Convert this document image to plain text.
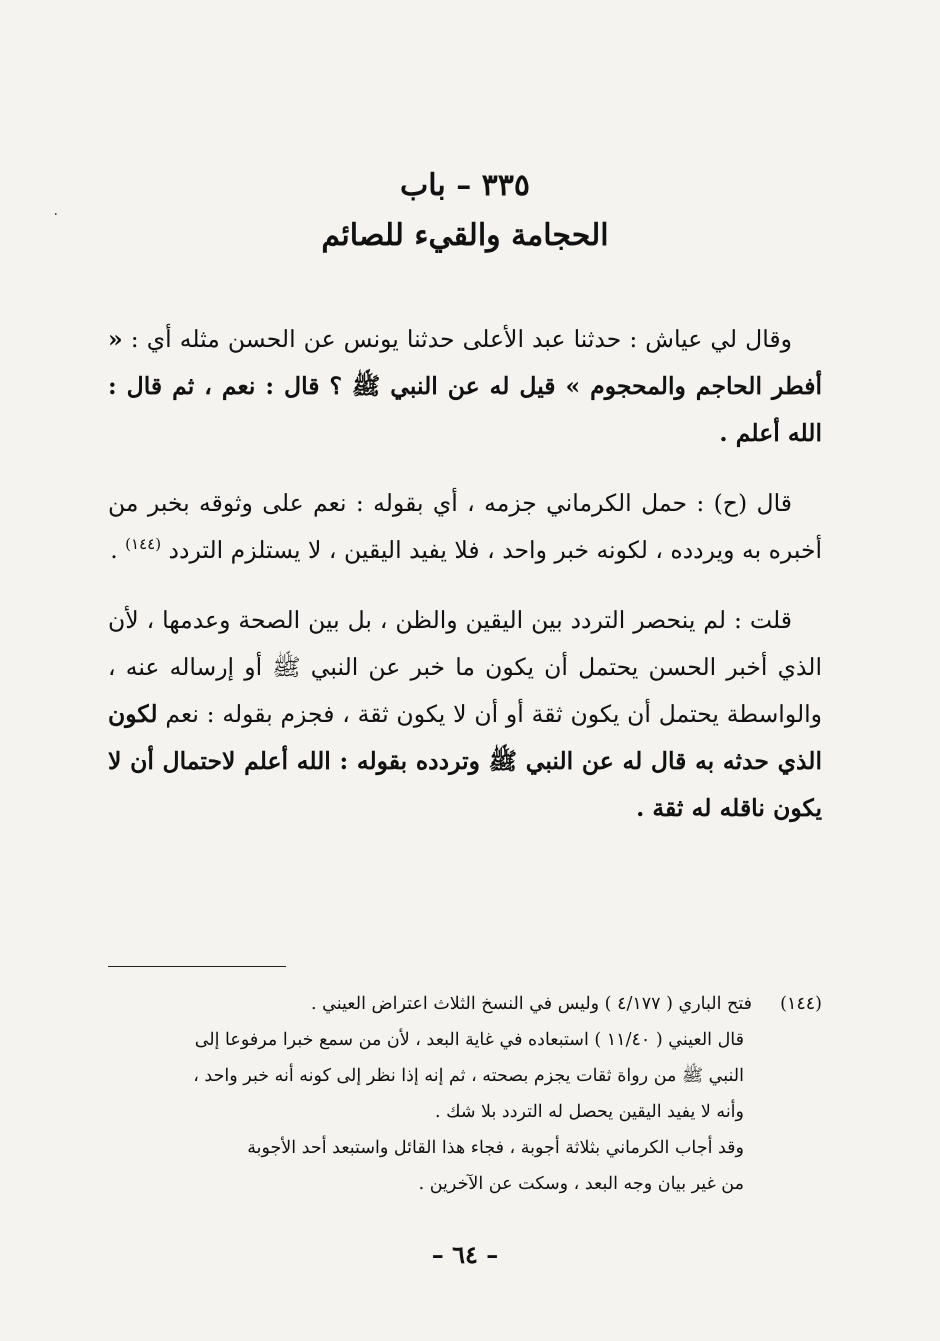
٠
٣٣٥ – باب
الحجامة والقيء للصائم

وقال لي عياش : حدثنا عبد الأعلى حدثنا يونس عن الحسن مثله أي : « أفطر الحاجم والمحجوم » قيل له عن النبي ﷺ ؟ قال : نعم ، ثم قال : الله أعلم .

قال (ح) : حمل الكرماني جزمه ، أي بقوله : نعم على وثوقه بخبر من أخبره به ويردده ، لكونه خبر واحد ، فلا يفيد اليقين ، لا يستلزم التردد $^{(١٤٤)}$ .

قلت : لم ينحصر التردد بين اليقين والظن ، بل بين الصحة وعدمها ، لأن الذي أخبر الحسن يحتمل أن يكون ما خبر عن النبي ﷺ أو إرساله عنه ، والواسطة يحتمل أن يكون ثقة أو أن لا يكون ثقة ، فجزم بقوله : نعم لكون الذي حدثه به قال له عن النبي ﷺ وتردده بقوله : الله أعلم لاحتمال أن لا يكون ناقله له ثقة .

(١٤٤)فتح الباري ( ٤/١٧٧ ) وليس في النسخ الثلاث اعتراض العيني .

قال العيني ( ١١/٤٠ ) استبعاده في غاية البعد ، لأن من سمع خبرا مرفوعا إلى

النبي ﷺ من رواة ثقات يجزم بصحته ، ثم إنه إذا نظر إلى كونه أنه خبر واحد ،

وأنه لا يفيد اليقين يحصل له التردد بلا شك .

وقد أجاب الكرماني بثلاثة أجوبة ، فجاء هذا القائل واستبعد أحد الأجوبة

من غير بيان وجه البعد ، وسكت عن الآخرين .

– ٦٤ –
